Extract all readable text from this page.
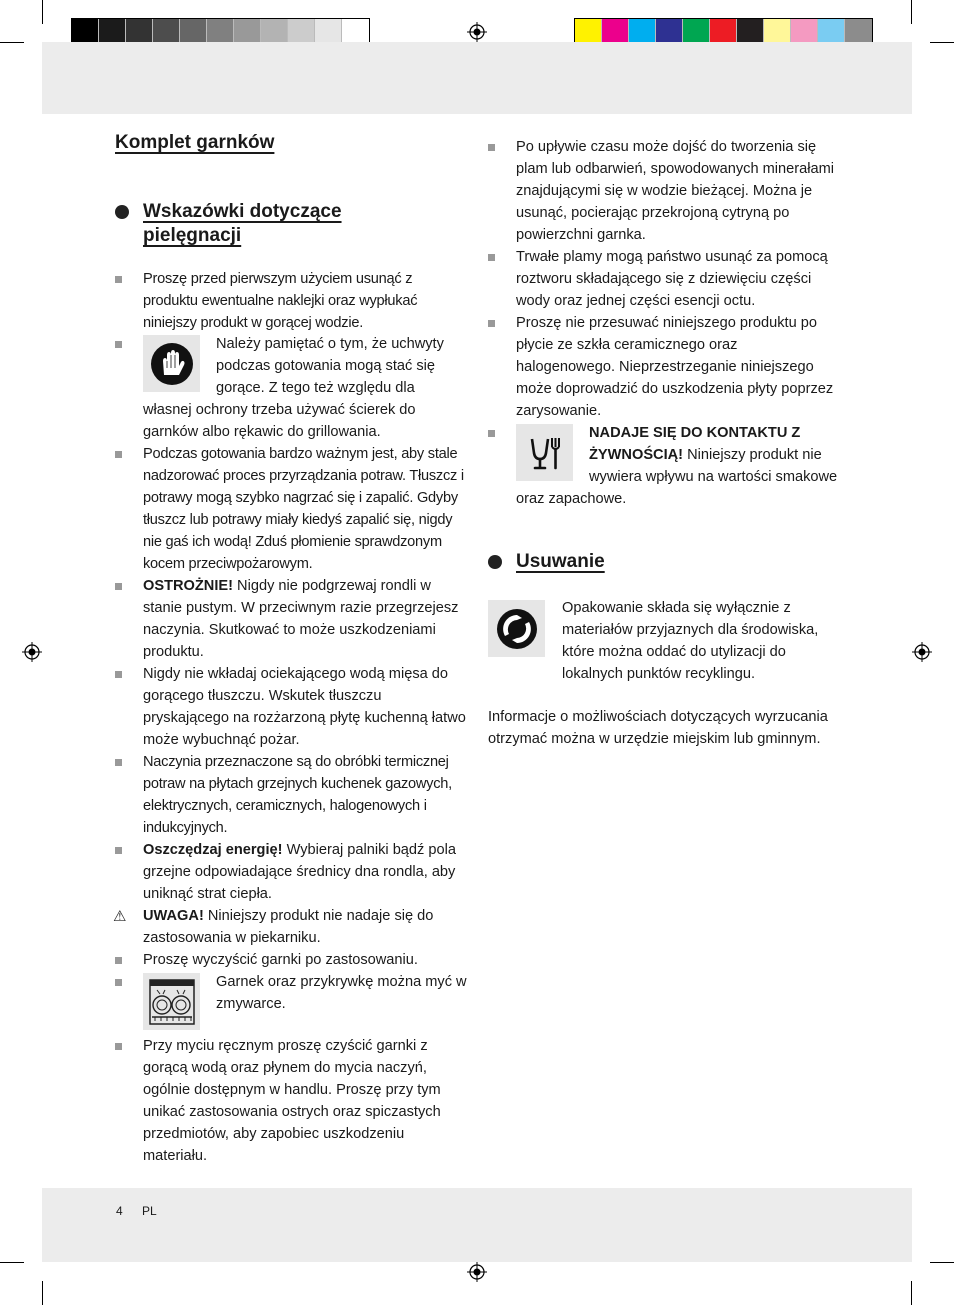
Komplet garnków
Wskazówki dotyczące pielęgnacji
Proszę przed pierwszym użyciem usunąć z produktu ewentualne naklejki oraz wypłukać niniejszy produkt w gorącej wodzie.
Należy pamiętać o tym, że uchwyty podczas gotowania mogą stać się gorące. Z tego też względu dla własnej ochrony trzeba używać ścierek do garnków albo rękawic do grillowania.
Podczas gotowania bardzo ważnym jest, aby stale nadzorować proces przyrządzania potraw. Tłuszcz i potrawy mogą szybko nagrzać się i zapalić. Gdyby tłuszcz lub potrawy miały kiedyś zapalić się, nigdy nie gaś ich wodą! Zduś płomienie sprawdzonym kocem przeciwpożarowym.
OSTROŻNIE! Nigdy nie podgrzewaj rondli w stanie pustym. W przeciwnym razie przegrzejesz naczynia. Skutkować to może uszkodzeniami produktu.
Nigdy nie wkładaj ociekającego wodą mięsa do gorącego tłuszczu. Wskutek tłuszczu pryskającego na rozżarzoną płytę kuchenną łatwo może wybuchnąć pożar.
Naczynia przeznaczone są do obróbki termicznej potraw na płytach grzejnych kuchenek gazowych, elektrycznych, ceramicznych, halogenowych i indukcyjnych.
Oszczędzaj energię! Wybieraj palniki bądź pola grzejne odpowiadające średnicy dna rondla, aby uniknąć strat ciepła.
⚠ UWAGA! Niniejszy produkt nie nadaje się do zastosowania w piekarniku.
Proszę wyczyścić garnki po zastosowaniu.
Garnek oraz przykrywkę można myć w zmywarce.
Przy myciu ręcznym proszę czyścić garnki z gorącą wodą oraz płynem do mycia naczyń, ogólnie dostępnym w handlu. Proszę przy tym unikać zastosowania ostrych oraz spiczastych przedmiotów, aby zapobiec uszkodzeniu materiału.
Po upływie czasu może dojść do tworzenia się plam lub odbarwień, spowodowanych minerałami znajdującymi się w wodzie bieżącej. Można je usunąć, pocierając przekrojoną cytryną po powierzchni garnka.
Trwałe plamy mogą państwo usunąć za pomocą roztworu składającego się z dziewięciu części wody oraz jednej części esencji octu.
Proszę nie przesuwać niniejszego produktu po płycie ze szkła ceramicznego oraz halogenowego. Nieprzestrzeganie niniejszego może doprowadzić do uszkodzenia płyty poprzez zarysowanie.
NADAJE SIĘ DO KONTAKTU Z ŻYWNOŚCIĄ! Niniejszy produkt nie wywiera wpływu na wartości smakowe oraz zapachowe.
Usuwanie
Opakowanie składa się wyłącznie z materiałów przyjaznych dla środowiska, które można oddać do utylizacji do lokalnych punktów recyklingu.
Informacje o możliwościach dotyczących wyrzucania otrzymać można w urzędzie miejskim lub gminnym.
4 PL
